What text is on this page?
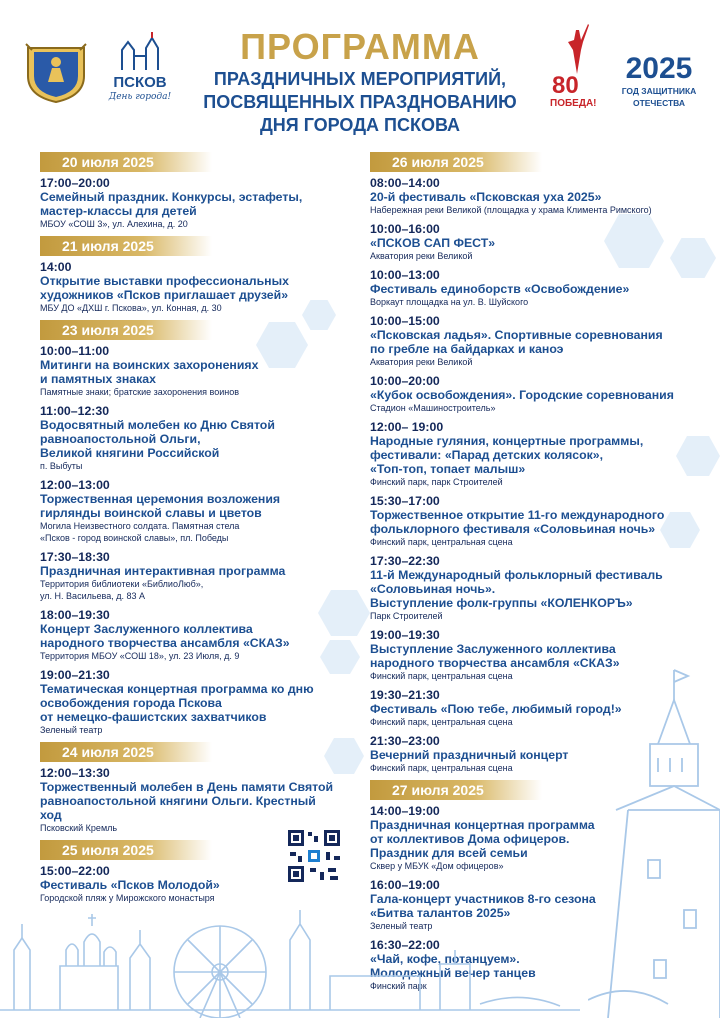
ПСКОВ
День города!
ПРОГРАММА
ПРАЗДНИЧНЫХ МЕРОПРИЯТИЙ,
ПОСВЯЩЕННЫХ ПРАЗДНОВАНИЮ
ДНЯ ГОРОДА ПСКОВА
80
ПОБЕДА!
2025
ГОД ЗАЩИТНИКА
ОТЕЧЕСТВА
20 июля 2025
17:00–20:00
Семейный праздник. Конкурсы, эстафеты,
мастер-классы для детей
МБОУ «СОШ 3», ул. Алехина, д. 20
21 июля 2025
14:00
Открытие выставки профессиональных
художников «Псков приглашает друзей»
МБУ ДО «ДХШ г. Пскова», ул. Конная, д. 30
23 июля 2025
10:00–11:00
Митинги на воинских захоронениях
и памятных знаках
Памятные знаки; братские захоронения воинов
11:00–12:30
Водосвятный молебен ко Дню Святой
равноапостольной Ольги,
Великой княгини Российской
п. Выбуты
12:00–13:00
Торжественная церемония возложения
гирлянды воинской славы и цветов
Могила Неизвестного солдата. Памятная стела
«Псков - город воинской славы», пл. Победы
17:30–18:30
Праздничная интерактивная программа
Территория библиотеки «БиблиоЛюб»,
ул. Н. Васильева, д. 83 А
18:00–19:30
Концерт Заслуженного коллектива
народного творчества ансамбля «СКАЗ»
Территория МБОУ «СОШ 18», ул. 23 Июля, д. 9
19:00–21:30
Тематическая концертная программа ко дню
освобождения города Пскова
от немецко-фашистских захватчиков
Зеленый театр
24 июля 2025
12:00–13:30
Торжественный молебен в День памяти Святой
равноапостольной княгини Ольги. Крестный ход
Псковский Кремль
25 июля 2025
15:00–22:00
Фестиваль «Псков Молодой»
Городской пляж у Мирожского монастыря
26 июля 2025
08:00–14:00
20-й фестиваль «Псковская уха 2025»
Набережная реки Великой (площадка у храма Климента Римского)
10:00–16:00
«ПСКОВ САП ФЕСТ»
Акватория реки Великой
10:00–13:00
Фестиваль единоборств «Освобождение»
Воркаут площадка на ул. В. Шуйского
10:00–15:00
«Псковская ладья». Спортивные соревнования
по гребле на байдарках и каноэ
Акватория реки Великой
10:00–20:00
«Кубок освобождения». Городские соревнования
Стадион «Машиностроитель»
12:00– 19:00
Народные гуляния, концертные программы,
фестивали: «Парад детских колясок»,
«Топ-топ, топает малыш»
Финский парк, парк Строителей
15:30–17:00
Торжественное открытие 11-го международного
фольклорного фестиваля «Соловьиная ночь»
Финский парк, центральная сцена
17:30–22:30
11-й Международный фольклорный фестиваль
«Соловьиная ночь».
Выступление фолк-группы «КОЛЕНКОРЪ»
Парк Строителей
19:00–19:30
Выступление Заслуженного коллектива
народного творчества ансамбля «СКАЗ»
Финский парк, центральная сцена
19:30–21:30
Фестиваль «Пою тебе, любимый город!»
Финский парк, центральная сцена
21:30–23:00
Вечерний праздничный концерт
Финский парк, центральная сцена
27 июля 2025
14:00–19:00
Праздничная концертная программа
от коллективов Дома офицеров.
Праздник для всей семьи
Сквер у МБУК «Дом офицеров»
16:00–19:00
Гала-концерт участников 8-го сезона
«Битва талантов 2025»
Зеленый театр
16:30–22:00
«Чай, кофе, потанцуем».
Молодежный вечер танцев
Финский парк
